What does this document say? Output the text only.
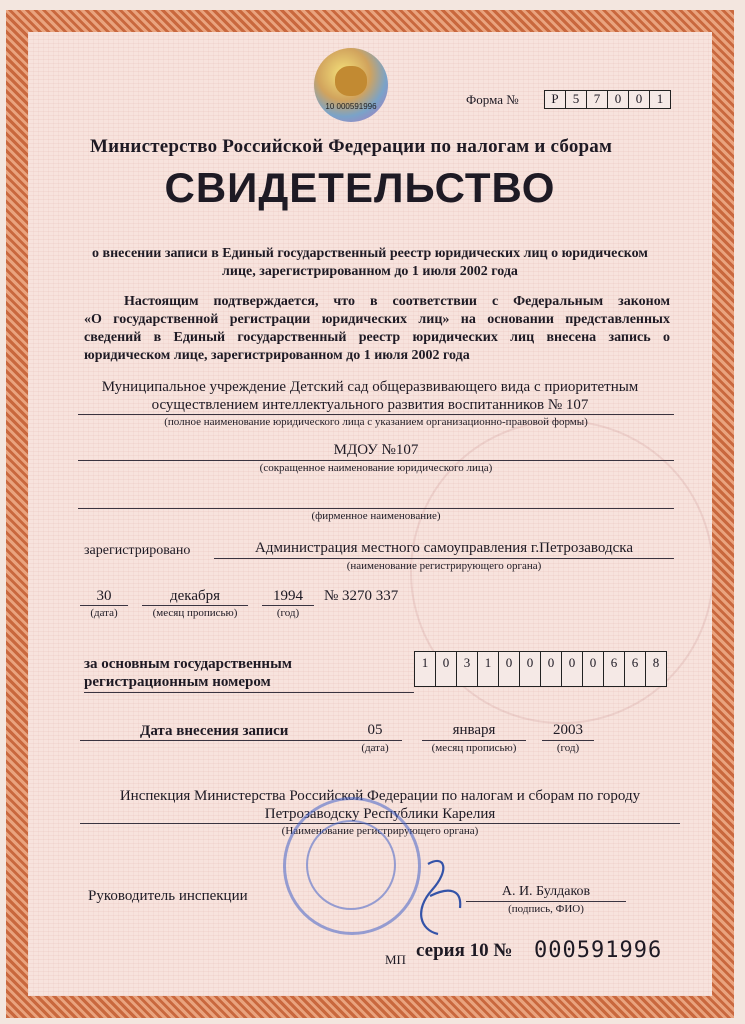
10 000591996	Форма №	Р	5	7	0	0	1
Министерство Российской Федерации по налогам и сборам
СВИДЕТЕЛЬСТВО
о внесении записи в Единый государственный реестр юридических лиц о юридическом
лице, зарегистрированном до 1 июля 2002 года
Настоящим подтверждается, что в соответствии с Федеральным законом
«О государственной регистрации юридических лиц» на основании представленных
сведений в Единый государственный реестр юридических лиц внесена запись о
юридическом лице, зарегистрированном до 1 июля 2002 года
Муниципальное учреждение Детский сад общеразвивающего вида с приоритетным
осуществлением интеллектуального развития воспитанников № 107
(полное наименование юридического лица с указанием организационно-правовой формы)
МДОУ №107
(сокращенное наименование юридического лица)
(фирменное наименование)
зарегистрировано	Администрация местного самоуправления г.Петрозаводска
(наименование регистрирующего органа)
30
(дата)
декабря
(месяц прописью)
1994
(год)
№ 3270 337
за основным государственным
регистрационным номером
1	0	3	1	0	0	0	0	0	6	6	8
Дата внесения записи	05
(дата)
января
(месяц прописью)
2003
(год)
Инспекция Министерства Российской Федерации по налогам и сборам по городу
Петрозаводску Республики Карелия
(Наименование регистрирующего органа)
Руководитель инспекции	А. И. Булдаков
(подпись, ФИО)
МП серия 10 № 000591996
